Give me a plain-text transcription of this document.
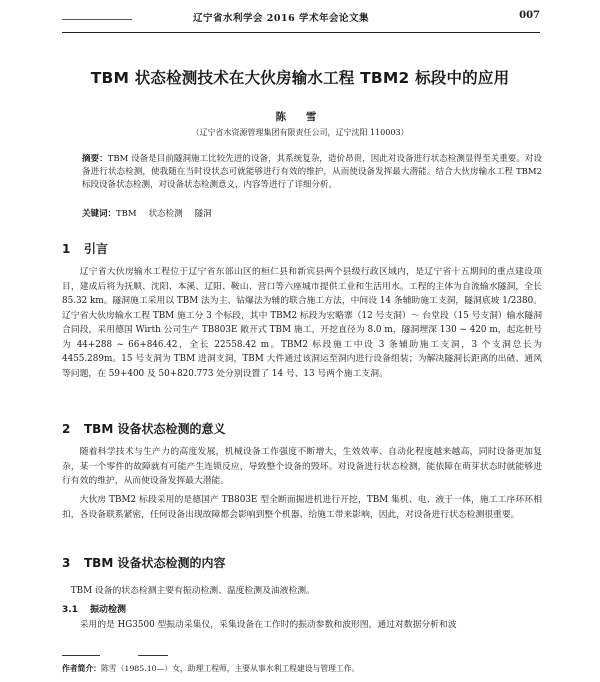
辽宁省水利学会 2016 学术年会论文集	007
TBM 状态检测技术在大伙房输水工程 TBM2 标段中的应用
陈 雪
（辽宁省水资源管理集团有限责任公司，辽宁沈阳 110003）
摘要：TBM 设备是目前隧洞施工比较先进的设备，其系统复杂，造价昂贵，因此对设备进行状态检测显得至关重要。对设备进行状态检测，使我随在当时设状态可就能够进行有效的维护，从而使设备发挥最大潜能。结合大伙房输水工程 TBM2 标段设备状态检测，对设备状态检测意义，内容等进行了详细分析。
关键词：TBM 状态检测 隧洞
1 引言
辽宁省大伙房输水工程位于辽宁省东部山区的桓仁县和新宾县两个县级行政区域内，是辽宁省十五期间的重点建设项目，建成后将为抚顺、沈阳、本溪、辽阳、鞍山、营口等六座城市提供工业和生活用水。工程的主体为自流输水隧洞，全长 85.32 km。隧洞施工采用以 TBM 法为主、钻爆法为辅的联合施工方法，中间设 14 条辅助施工支洞，隧洞底坡 1/2380。辽宁省大伙房输水工程 TBM 施工分 3 个标段，其中 TBM2 标段为宏略寨（12 号支洞）～ 台堂段（15 号支洞）输水隧洞合同段，采用德国 Wirth 公司生产 TB803E 敞开式 TBM 施工，开挖直径为 8.0 m，隧洞埋深 130 ~ 420 m，起迄桩号为 44+288 ~ 66+846.42，全长 22558.42 m。TBM2 标段施工中设 3 条辅助施工支洞，3 个支洞总长为 4455.289m。15 号支洞为 TBM 进洞支洞，TBM 大件通过该洞运至洞内进行设备组装；为解决隧洞长距离的出碴、通风等问题，在 59+400 及 50+820.773 处分别设置了 14 号、13 号两个施工支洞。
2 TBM 设备状态检测的意义
随着科学技术与生产力的高度发展，机械设备工作强度不断增大，生效效率、自动化程度越来越高，同时设备更加复杂，某一个零件的故障就有可能产生连锁反应，导致整个设备的毁坏。对设备进行状态检测，能依障在萌芽状态时就能够进行有效的维护，从而使设备发挥最大潜能。
大伙房 TBM2 标段采用的是德国产 TB803E 型全断面掘进机进行开挖，TBM 集机、电、液于一体，施工工序环环相扣，各设备联系紧密，任何设备出现故障都会影响到整个机器、给施工带来影响，因此，对设备进行状态检测很重要。
3 TBM 设备状态检测的内容
TBM 设备的状态检测主要有振动检测、温度检测及油液检测。
3.1 振动检测
采用的是 HG3500 型振动采集仪，采集设备在工作时的振动参数和波形图，通过对数据分析和波
作者简介：陈雪（1985.10—）女，助理工程师，主要从事水利工程建设与管理工作。
